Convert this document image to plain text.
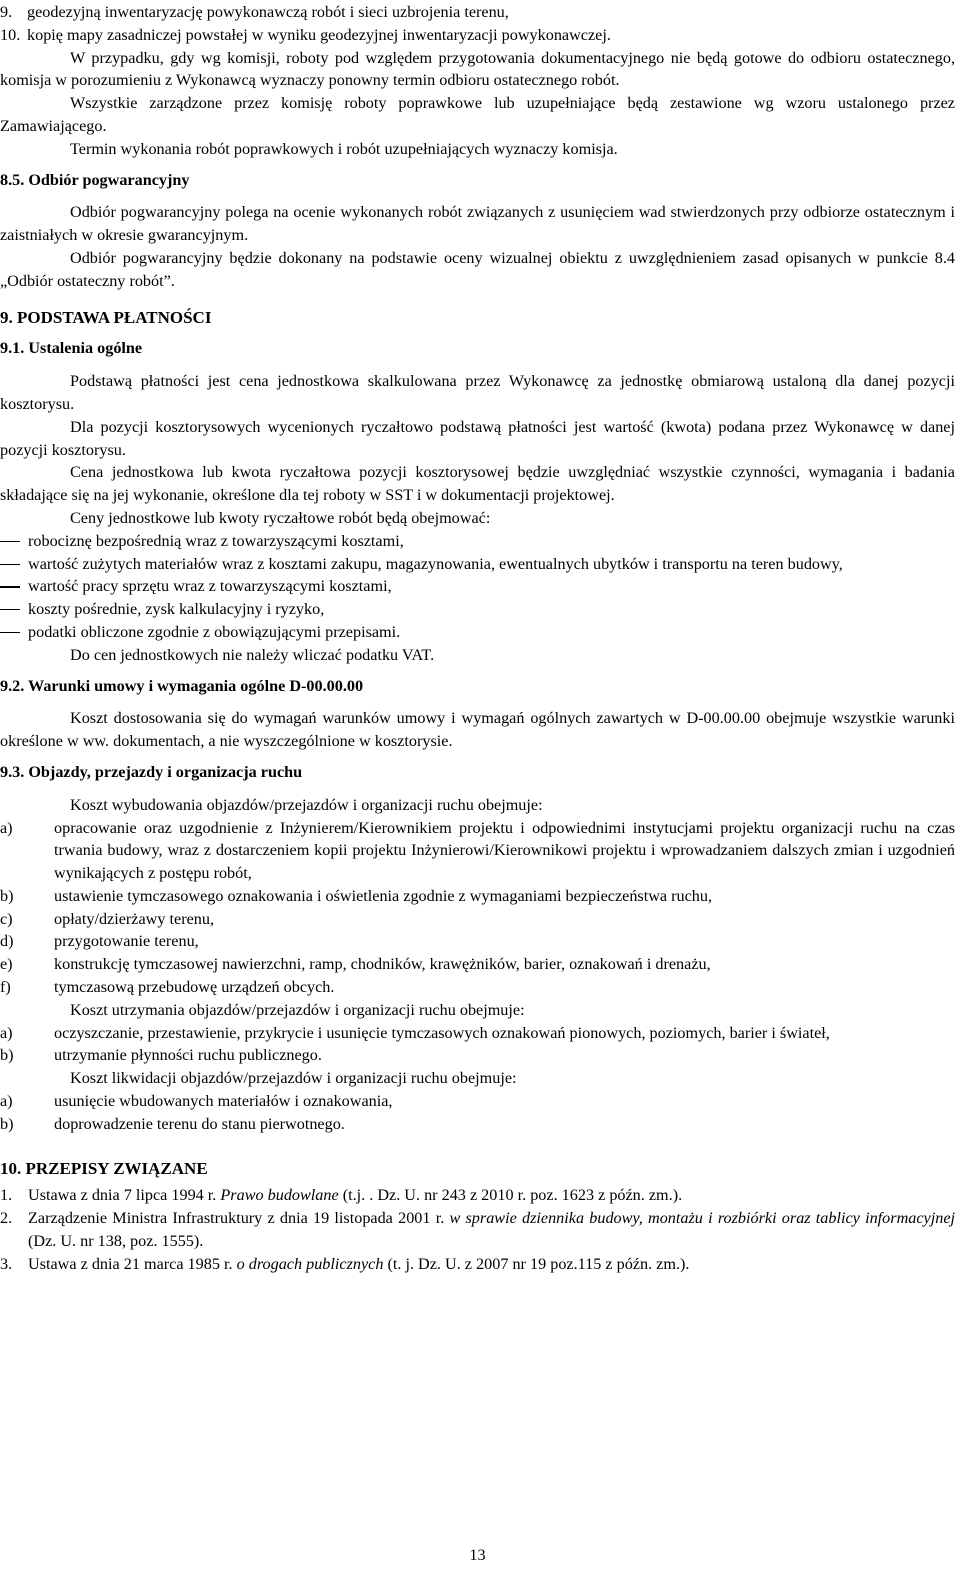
9. geodezyjną inwentaryzację powykonawczą robót i sieci uzbrojenia terenu,
10. kopię mapy zasadniczej powstałej w wyniku geodezyjnej inwentaryzacji powykonawczej.

W przypadku, gdy wg komisji, roboty pod względem przygotowania dokumentacyjnego nie będą gotowe do odbioru ostatecznego, komisja w porozumieniu z Wykonawcą wyznaczy ponowny termin odbioru ostatecznego robót.

Wszystkie zarządzone przez komisję roboty poprawkowe lub uzupełniające będą zestawione wg wzoru ustalonego przez Zamawiającego.

Termin wykonania robót poprawkowych i robót uzupełniających wyznaczy komisja.

8.5. Odbiór pogwarancyjny

Odbiór pogwarancyjny polega na ocenie wykonanych robót związanych z usunięciem wad stwierdzonych przy odbiorze ostatecznym i zaistniałych w okresie gwarancyjnym.

Odbiór pogwarancyjny będzie dokonany na podstawie oceny wizualnej obiektu z uwzględnieniem zasad opisanych w punkcie 8.4 „Odbiór ostateczny robót”.

9. PODSTAWA PŁATNOŚCI

9.1. Ustalenia ogólne

Podstawą płatności jest cena jednostkowa skalkulowana przez Wykonawcę za jednostkę obmiarową ustaloną dla danej pozycji kosztorysu.

Dla pozycji kosztorysowych wycenionych ryczałtowo podstawą płatności jest wartość (kwota) podana przez Wykonawcę w danej pozycji kosztorysu.

Cena jednostkowa lub kwota ryczałtowa pozycji kosztorysowej będzie uwzględniać wszystkie czynności, wymagania i badania składające się na jej wykonanie, określone dla tej roboty w SST i w dokumentacji projektowej.

Ceny jednostkowe lub kwoty ryczałtowe robót będą obejmować:

robociznę bezpośrednią wraz z towarzyszącymi kosztami,
wartość zużytych materiałów wraz z kosztami zakupu, magazynowania, ewentualnych ubytków i transportu na teren budowy,
wartość pracy sprzętu wraz z towarzyszącymi kosztami,
koszty pośrednie, zysk kalkulacyjny i ryzyko,
podatki obliczone zgodnie z obowiązującymi przepisami.

Do cen jednostkowych nie należy wliczać podatku VAT.

9.2. Warunki umowy i wymagania ogólne D-00.00.00

Koszt dostosowania się do wymagań warunków umowy i wymagań ogólnych zawartych w D-00.00.00 obejmuje wszystkie warunki określone w ww. dokumentach, a nie wyszczególnione w kosztorysie.

9.3. Objazdy, przejazdy i organizacja ruchu

Koszt wybudowania objazdów/przejazdów i organizacji ruchu obejmuje:

a)	opracowanie oraz uzgodnienie z Inżynierem/Kierownikiem projektu i odpowiednimi instytucjami projektu organizacji ruchu na czas trwania budowy, wraz z dostarczeniem kopii projektu Inżynierowi/Kierownikowi projektu i wprowadzaniem dalszych zmian i uzgodnień wynikających z postępu robót,
b)	ustawienie tymczasowego oznakowania i oświetlenia zgodnie z wymaganiami bezpieczeństwa ruchu,
c)	opłaty/dzierżawy terenu,
d)	przygotowanie terenu,
e)	konstrukcję tymczasowej nawierzchni, ramp, chodników, krawężników, barier, oznakowań i drenażu,
f)	tymczasową przebudowę urządzeń obcych.

Koszt utrzymania objazdów/przejazdów i organizacji ruchu obejmuje:

a)	oczyszczanie, przestawienie, przykrycie i usunięcie tymczasowych oznakowań pionowych, poziomych, barier i świateł,
b)	utrzymanie płynności ruchu publicznego.

Koszt likwidacji objazdów/przejazdów i organizacji ruchu obejmuje:

a)	usunięcie wbudowanych materiałów i oznakowania,
b)	doprowadzenie terenu do stanu pierwotnego.

10. PRZEPISY ZWIĄZANE

1. Ustawa z dnia 7 lipca 1994 r. Prawo budowlane (t.j. . Dz. U. nr 243 z 2010 r. poz. 1623 z późn. zm.).
2. Zarządzenie Ministra Infrastruktury z dnia 19 listopada 2001 r. w sprawie dziennika budowy, montażu i rozbiórki oraz tablicy informacyjnej (Dz. U. nr 138, poz. 1555).
3. Ustawa z dnia 21 marca 1985 r. o drogach publicznych (t. j. Dz. U. z 2007 nr 19 poz.115 z późn. zm.).
13
